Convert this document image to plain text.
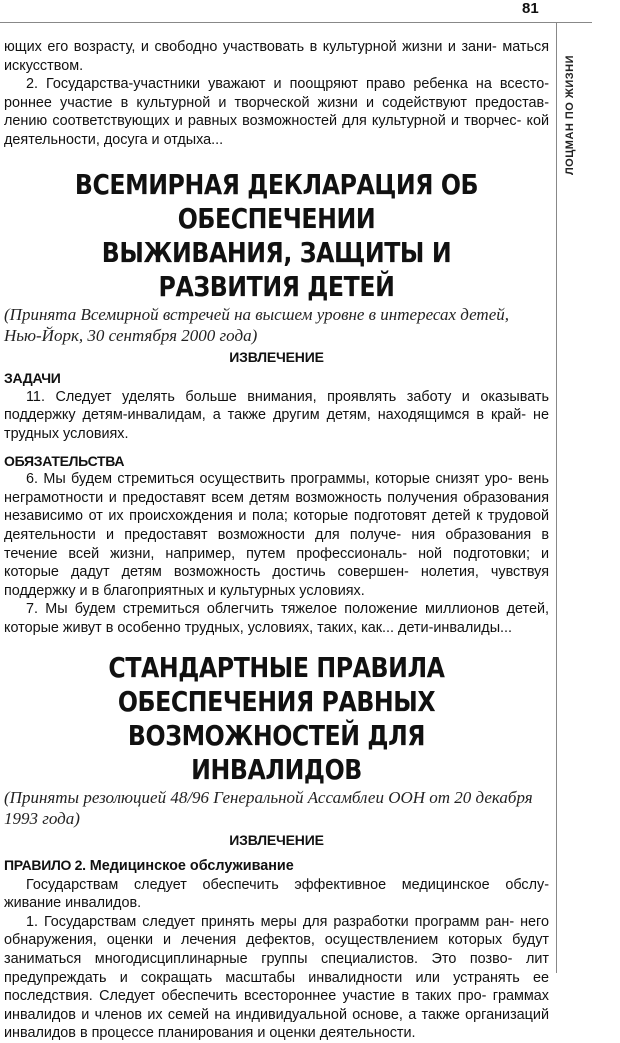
81
ЛОЦМАН ПО ЖИЗНИ

ющих его возрасту, и свободно участвовать в культурной жизни и зани- маться искусством.

2. Государства-участники уважают и поощряют право ребенка на всесто- роннее участие в культурной и творческой жизни и содействуют предостав- лению соответствующих и равных возможностей для культурной и творчес- кой деятельности, досуга и отдыха...

ВСЕМИРНАЯ ДЕКЛАРАЦИЯ ОБ ОБЕСПЕЧЕНИИ
ВЫЖИВАНИЯ, ЗАЩИТЫ И РАЗВИТИЯ ДЕТЕЙ

(Принята Всемирной встречей на высшем уровне в интересах детей, Нью-Йорк, 30 сентября 2000 года)

ИЗВЛЕЧЕНИЕ
ЗАДАЧИ

11. Следует уделять больше внимания, проявлять заботу и оказывать поддержку детям-инвалидам, а также другим детям, находящимся в край- не трудных условиях.

ОБЯЗАТЕЛЬСТВА

6. Мы будем стремиться осуществить программы, которые снизят уро- вень неграмотности и предоставят всем детям возможность получения образования независимо от их происхождения и пола; которые подготовят детей к трудовой деятельности и предоставят возможности для получе- ния образования в течение всей жизни, например, путем профессиональ- ной подготовки; и которые дадут детям возможность достичь совершен- нолетия, чувствуя поддержку и в благоприятных и культурных условиях.

7. Мы будем стремиться облегчить тяжелое положение миллионов детей, которые живут в особенно трудных, условиях, таких, как... дети-инвалиды...

СТАНДАРТНЫЕ ПРАВИЛА ОБЕСПЕЧЕНИЯ РАВНЫХ
ВОЗМОЖНОСТЕЙ ДЛЯ ИНВАЛИДОВ

(Приняты резолюцией 48/96 Генеральной Ассамблеи ООН от 20 декабря 1993 года)

ИЗВЛЕЧЕНИЕ
ПРАВИЛО 2. Медицинское обслуживание

Государствам следует обеспечить эффективное медицинское обслу- живание инвалидов.

1. Государствам следует принять меры для разработки программ ран- него обнаружения, оценки и лечения дефектов, осуществлением которых будут заниматься многодисциплинарные группы специалистов. Это позво- лит предупреждать и сокращать масштабы инвалидности или устранять ее последствия. Следует обеспечить всестороннее участие в таких про- граммах инвалидов и членов их семей на индивидуальной основе, а также организаций инвалидов в процессе планирования и оценки деятельности.
